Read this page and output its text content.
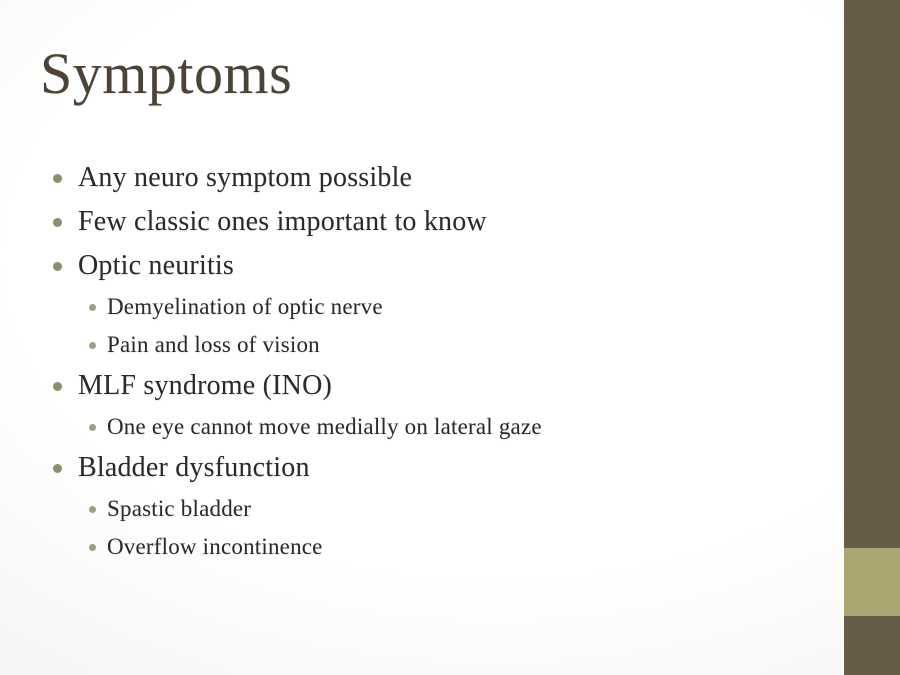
Symptoms
Any neuro symptom possible
Few classic ones important to know
Optic neuritis
Demyelination of optic nerve
Pain and loss of vision
MLF syndrome (INO)
One eye cannot move medially on lateral gaze
Bladder dysfunction
Spastic bladder
Overflow incontinence
